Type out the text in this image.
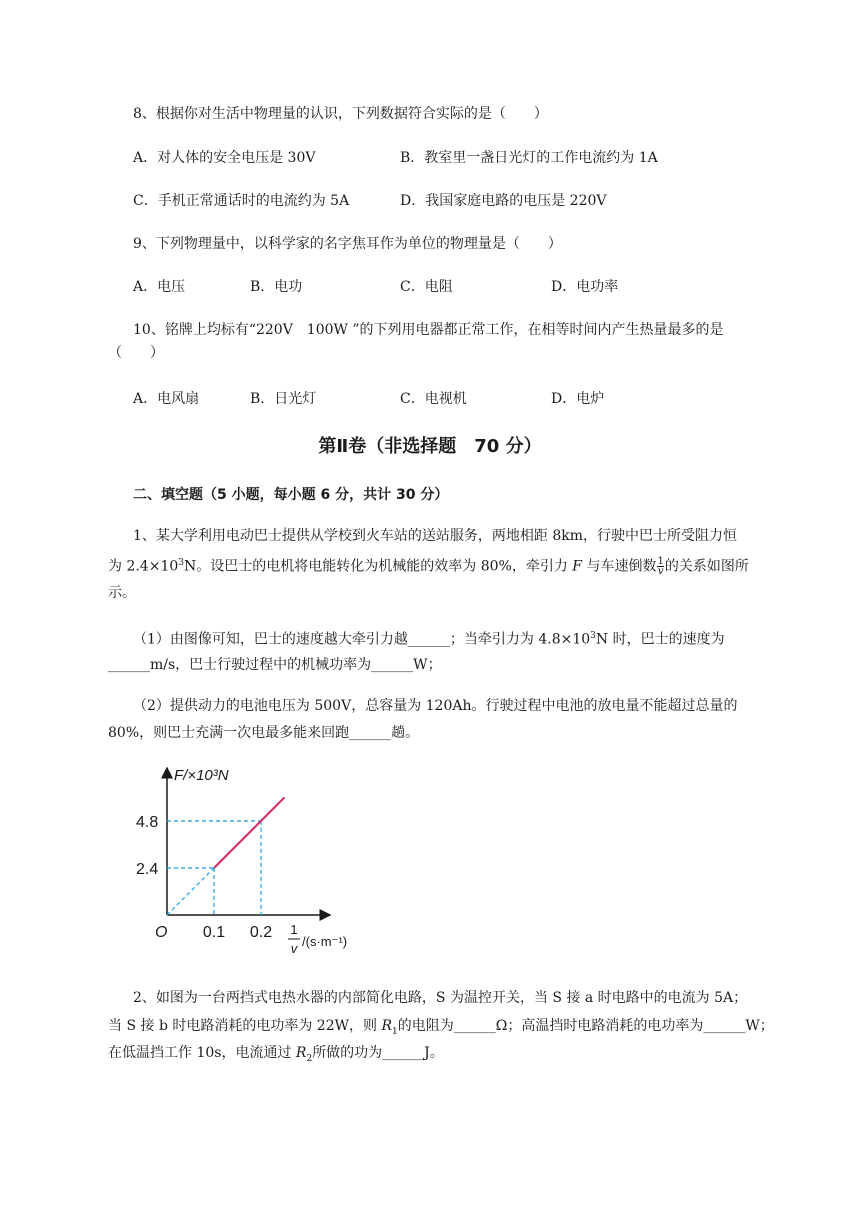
8、根据你对生活中物理量的认识，下列数据符合实际的是（　　）
A．对人体的安全电压是 30V	B．教室里一盏日光灯的工作电流约为 1A
C．手机正常通话时的电流约为 5A	D．我国家庭电路的电压是 220V
9、下列物理量中，以科学家的名字焦耳作为单位的物理量是（　　）
A．电压	B．电功	C．电阻	D．电功率
10、铭牌上均标有“220V　100W ”的下列用电器都正常工作，在相等时间内产生热量最多的是
（　　）
A．电风扇	B．日光灯	C．电视机	D．电炉
第Ⅱ卷（非选择题　70 分）
二、填空题（5 小题，每小题 6 分，共计 30 分）
1、某大学利用电动巴士提供从学校到火车站的送站服务，两地相距 8km，行驶中巴士所受阻力恒
为 $2.4\times 10^3N$。设巴士的电机将电能转化为机械能的效率为 80%，牵引力 F 与车速倒数 $\frac{1}{v}$ 的关系如图所
示。
（1）由图像可知，巴士的速度越大牵引力越______；当牵引力为 $4.8\times 10^3N$ 时，巴士的速度为
______m/s，巴士行驶过程中的机械功率为______W；
（2）提供动力的电池电压为 500V，总容量为 120Ah。行驶过程中电池的放电量不能超过总量的
80%，则巴士充满一次电最多能来回跑______趟。
F/×10³N
O
4.8
2.4
0.1 0.2 1
v /(s·m⁻¹)
2、如图为一台两挡式电热水器的内部简化电路，S 为温控开关，当 S 接 a 时电路中的电流为 5A；
当 S 接 b 时电路消耗的电功率为 22W，则 $R_1$的电阻为______Ω；高温挡时电路消耗的电功率为______W；
在低温挡工作 10s，电流通过 $R_2$所做的功为______J。
